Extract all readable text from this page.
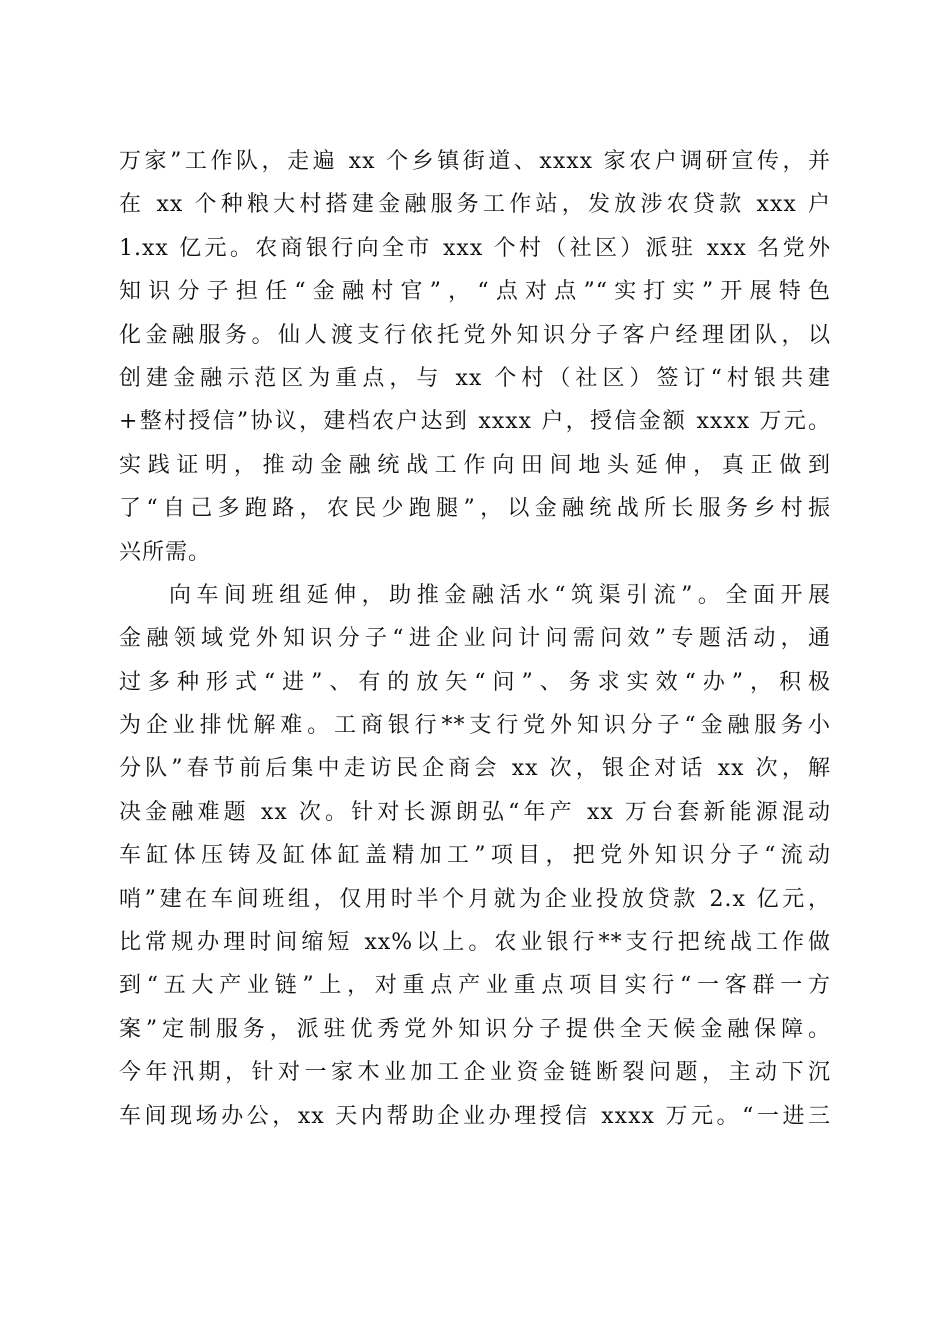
万家”工作队，走遍 xx 个乡镇街道、xxxx 家农户调研宣传，并
在 xx 个种粮大村搭建金融服务工作站，发放涉农贷款 xxx 户
1.xx 亿元。农商银行向全市 xxx 个村（社区）派驻 xxx 名党外
知识分子担任“金融村官”，“点对点”“实打实”开展特色
化金融服务。仙人渡支行依托党外知识分子客户经理团队，以
创建金融示范区为重点，与 xx 个村（社区）签订“村银共建
+整村授信”协议，建档农户达到 xxxx 户，授信金额 xxxx 万元。
实践证明，推动金融统战工作向田间地头延伸，真正做到
了“自己多跑路，农民少跑腿”，以金融统战所长服务乡村振
兴所需。
向车间班组延伸，助推金融活水“筑渠引流”。全面开展
金融领域党外知识分子“进企业问计问需问效”专题活动，通
过多种形式“进”、有的放矢“问”、务求实效“办”，积极
为企业排忧解难。工商银行**支行党外知识分子“金融服务小
分队”春节前后集中走访民企商会 xx 次，银企对话 xx 次，解
决金融难题 xx 次。针对长源朗弘“年产 xx 万台套新能源混动
车缸体压铸及缸体缸盖精加工”项目，把党外知识分子“流动
哨”建在车间班组，仅用时半个月就为企业投放贷款 2.x 亿元，
比常规办理时间缩短 xx%以上。农业银行**支行把统战工作做
到“五大产业链”上，对重点产业重点项目实行“一客群一方
案”定制服务，派驻优秀党外知识分子提供全天候金融保障。
今年汛期，针对一家木业加工企业资金链断裂问题，主动下沉
车间现场办公，xx 天内帮助企业办理授信 xxxx 万元。“一进三
